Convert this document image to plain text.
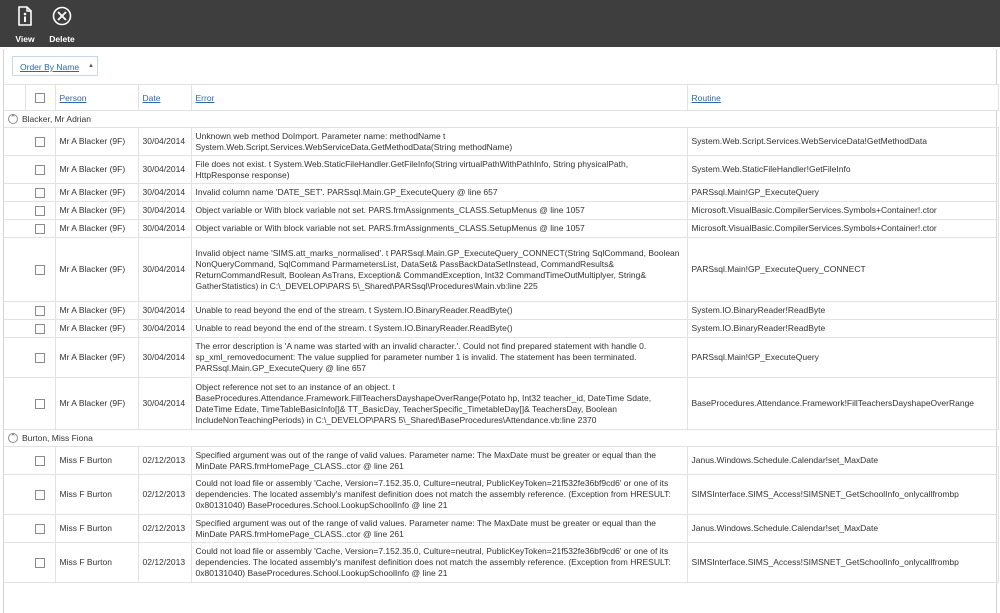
View	Delete
Order By Name ▲
		Person	Date	Error	Routine
⌃ Blacker, Mr Adrian					
		Mr A Blacker (9F)	30/04/2014	Unknown web method DoImport. Parameter name: methodName t System.Web.Script.Services.WebServiceData.GetMethodData(String methodName)	System.Web.Script.Services.WebServiceData!GetMethodData
		Mr A Blacker (9F)	30/04/2014	File does not exist. t System.Web.StaticFileHandler.GetFileInfo(String virtualPathWithPathInfo, String physicalPath, HttpResponse response)	System.Web.StaticFileHandler!GetFileInfo
		Mr A Blacker (9F)	30/04/2014	Invalid column name 'DATE_SET'. PARSsql.Main.GP_ExecuteQuery @ line 657	PARSsql.Main!GP_ExecuteQuery
		Mr A Blacker (9F)	30/04/2014	Object variable or With block variable not set. PARS.frmAssignments_CLASS.SetupMenus @ line 1057	Microsoft.VisualBasic.CompilerServices.Symbols+Container!.ctor
		Mr A Blacker (9F)	30/04/2014	Object variable or With block variable not set. PARS.frmAssignments_CLASS.SetupMenus @ line 1057	Microsoft.VisualBasic.CompilerServices.Symbols+Container!.ctor
		Mr A Blacker (9F)	30/04/2014	Invalid object name 'SIMS.att_marks_normalised'. t PARSsql.Main.GP_ExecuteQuery_CONNECT(String SqlCommand, Boolean NonQueryCommand, SqlCommand ParmametersList, DataSet& PassBackDataSetInstead, CommandResults& ReturnCommandResult, Boolean AsTrans, Exception& CommandException, Int32 CommandTimeOutMultiplyer, String& GatherStatistics) in C:\_DEVELOP\PARS 5\_Shared\PARSsql\Procedures\Main.vb:line 225	PARSsql.Main!GP_ExecuteQuery_CONNECT
		Mr A Blacker (9F)	30/04/2014	Unable to read beyond the end of the stream. t System.IO.BinaryReader.ReadByte()	System.IO.BinaryReader!ReadByte
		Mr A Blacker (9F)	30/04/2014	Unable to read beyond the end of the stream. t System.IO.BinaryReader.ReadByte()	System.IO.BinaryReader!ReadByte
		Mr A Blacker (9F)	30/04/2014	The error description is 'A name was started with an invalid character.'. Could not find prepared statement with handle 0. sp_xml_removedocument: The value supplied for parameter number 1 is invalid. The statement has been terminated. PARSsql.Main.GP_ExecuteQuery @ line 657	PARSsql.Main!GP_ExecuteQuery
		Mr A Blacker (9F)	30/04/2014	Object reference not set to an instance of an object. t BaseProcedures.Attendance.Framework.FillTeachersDayshapeOverRange(Potato hp, Int32 teacher_id, DateTime Sdate, DateTime Edate, TimeTableBasicInfo[]& TT_BasicDay, TeacherSpecific_TimetableDay[]& TeachersDay, Boolean IncludeNonTeachingPeriods) in C:\_DEVELOP\PARS 5\_Shared\BaseProcedures\Attendance.vb:line 2370	BaseProcedures.Attendance.Framework!FillTeachersDayshapeOverRange
⌃ Burton, Miss Fiona					
		Miss F Burton	02/12/2013	Specified argument was out of the range of valid values. Parameter name: The MaxDate must be greater or equal than the MinDate PARS.frmHomePage_CLASS..ctor @ line 261	Janus.Windows.Schedule.Calendar!set_MaxDate
		Miss F Burton	02/12/2013	Could not load file or assembly 'Cache, Version=7.152.35.0, Culture=neutral, PublicKeyToken=21f532fe36bf9cd6' or one of its dependencies. The located assembly's manifest definition does not match the assembly reference. (Exception from HRESULT: 0x80131040) BaseProcedures.School.LookupSchoolInfo @ line 21	SIMSInterface.SIMS_Access!SIMSNET_GetSchoolInfo_onlycallfrombp
		Miss F Burton	02/12/2013	Specified argument was out of the range of valid values. Parameter name: The MaxDate must be greater or equal than the MinDate PARS.frmHomePage_CLASS..ctor @ line 261	Janus.Windows.Schedule.Calendar!set_MaxDate
		Miss F Burton	02/12/2013	Could not load file or assembly 'Cache, Version=7.152.35.0, Culture=neutral, PublicKeyToken=21f532fe36bf9cd6' or one of its dependencies. The located assembly's manifest definition does not match the assembly reference. (Exception from HRESULT: 0x80131040) BaseProcedures.School.LookupSchoolInfo @ line 21	SIMSInterface.SIMS_Access!SIMSNET_GetSchoolInfo_onlycallfrombp
